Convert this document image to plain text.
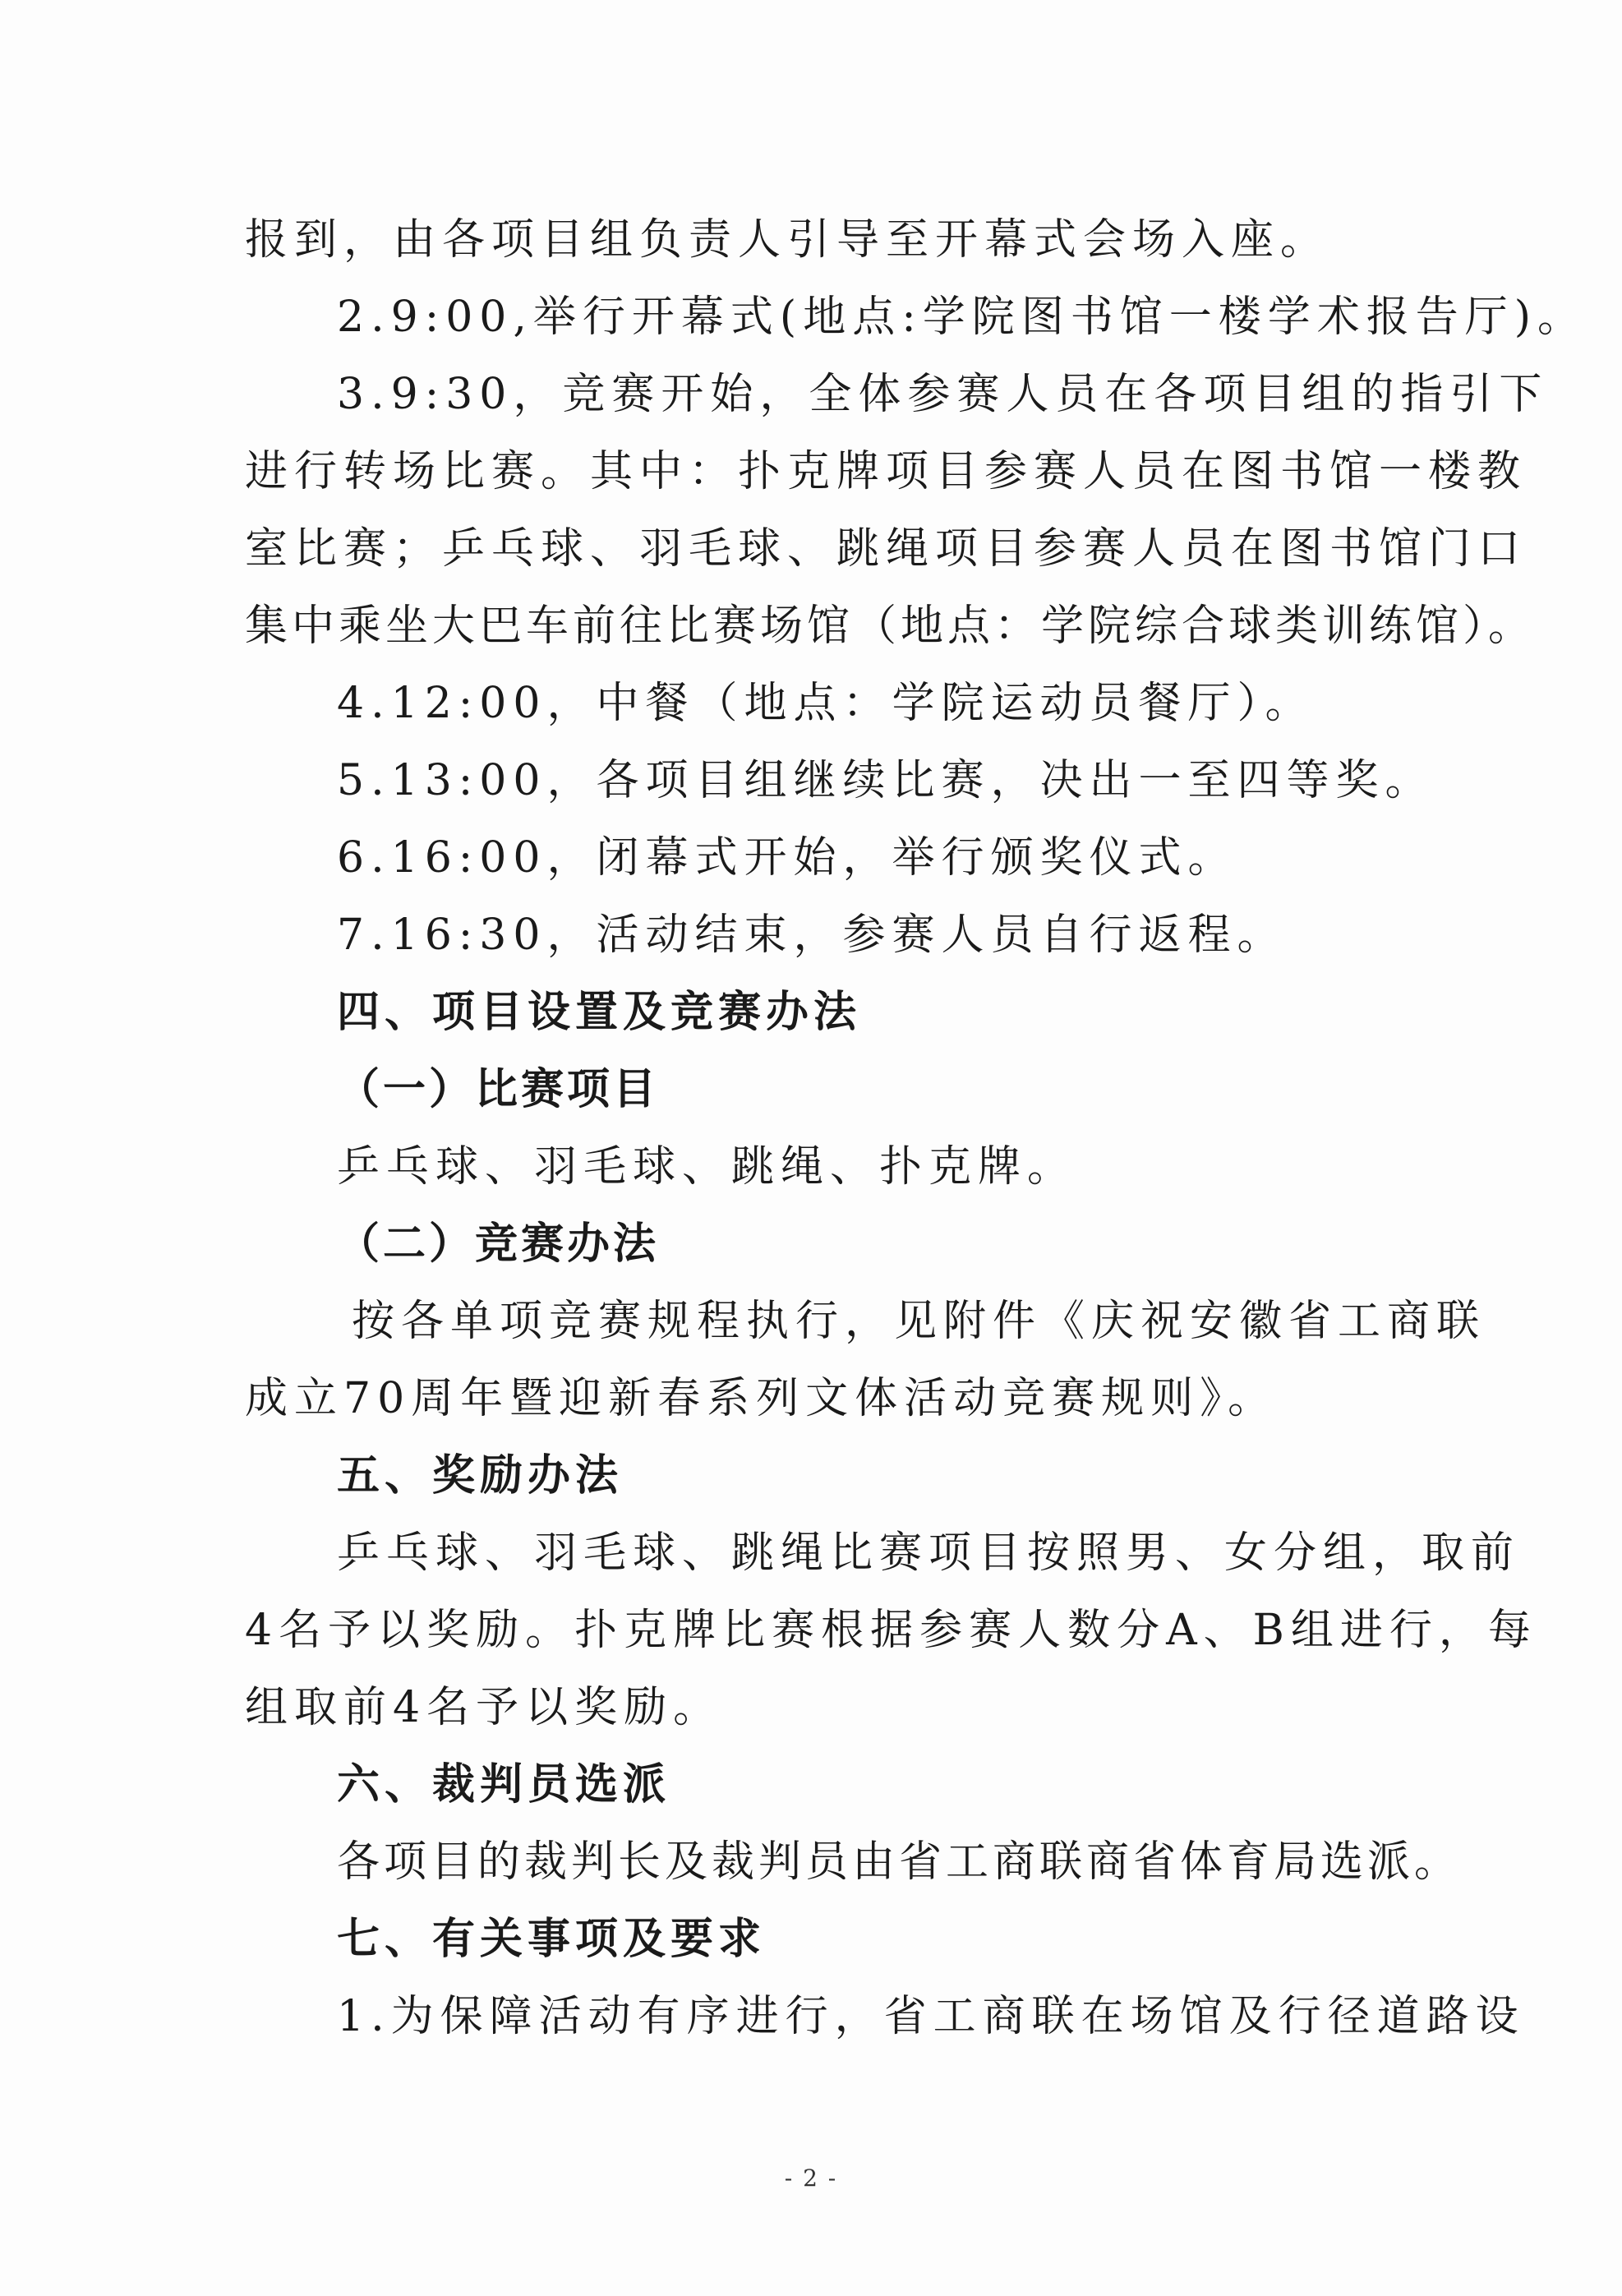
报到，由各项目组负责人引导至开幕式会场入座。
2.9:00,举行开幕式(地点:学院图书馆一楼学术报告厅)。
3.9:30，竞赛开始，全体参赛人员在各项目组的指引下
进行转场比赛。其中：扑克牌项目参赛人员在图书馆一楼教
室比赛；乒乓球、羽毛球、跳绳项目参赛人员在图书馆门口
集中乘坐大巴车前往比赛场馆（地点：学院综合球类训练馆）。
4.12:00，中餐（地点：学院运动员餐厅）。
5.13:00，各项目组继续比赛，决出一至四等奖。
6.16:00，闭幕式开始，举行颁奖仪式。
7.16:30，活动结束，参赛人员自行返程。
四、项目设置及竞赛办法
（一）比赛项目
乒乓球、羽毛球、跳绳、扑克牌。
（二）竞赛办法
按各单项竞赛规程执行，见附件《庆祝安徽省工商联
成立70周年暨迎新春系列文体活动竞赛规则》。
五、奖励办法
乒乓球、羽毛球、跳绳比赛项目按照男、女分组，取前
4名予以奖励。扑克牌比赛根据参赛人数分A、B组进行，每
组取前4名予以奖励。
六、裁判员选派
各项目的裁判长及裁判员由省工商联商省体育局选派。
七、有关事项及要求
1.为保障活动有序进行，省工商联在场馆及行径道路设
- 2 -
